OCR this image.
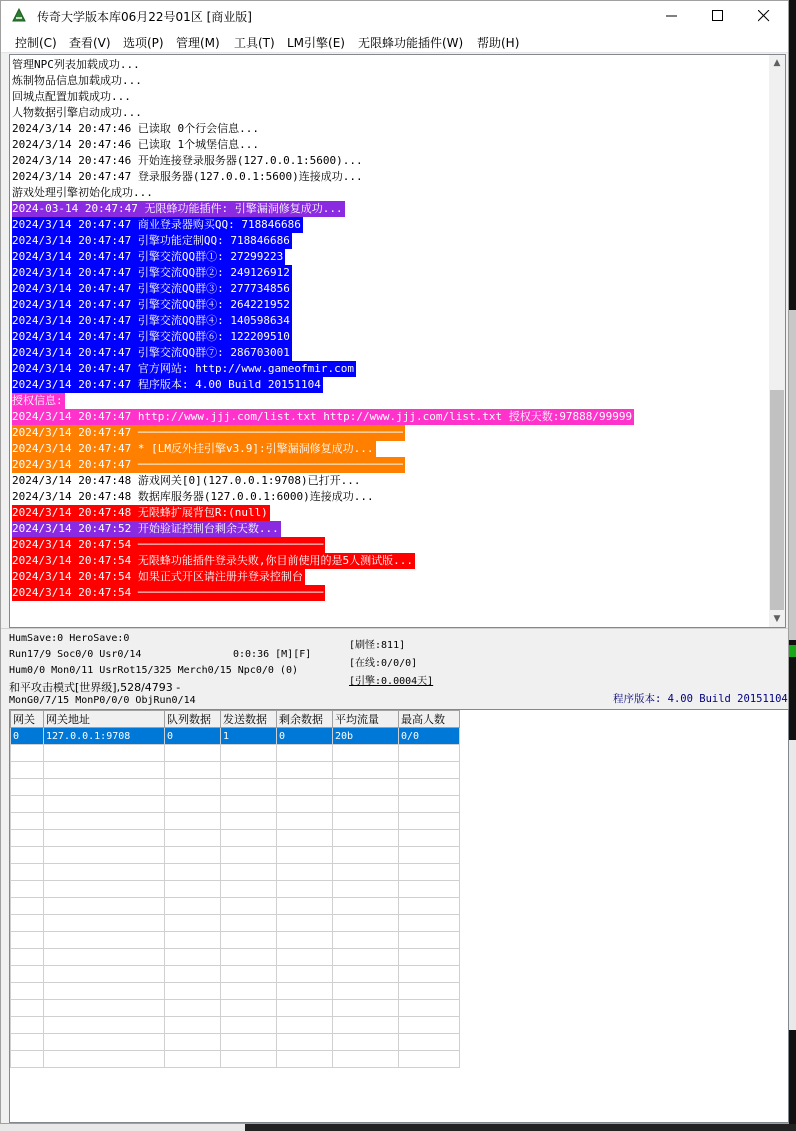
传奇大学版本库06月22号01区 [商业版]
控制(C) 查看(V) 选项(P) 管理(M) 工具(T) LM引擎(E) 无限蜂功能插件(W) 帮助(H)
管理NPC列表加载成功...
炼制物品信息加载成功...
回城点配置加载成功...
人物数据引擎启动成功...
2024/3/14 20:47:46 已读取 0个行会信息...
2024/3/14 20:47:46 已读取 1个城堡信息...
2024/3/14 20:47:46 开始连接登录服务器(127.0.0.1:5600)...
2024/3/14 20:47:47 登录服务器(127.0.0.1:5600)连接成功...
游戏处理引擎初始化成功...
2024-03-14 20:47:47 无限蜂功能插件: 引擎漏洞修复成功...
2024/3/14 20:47:47 商业登录器购买QQ: 718846686
2024/3/14 20:47:47 引擎功能定制QQ: 718846686
2024/3/14 20:47:47 引擎交流QQ群①: 27299223
2024/3/14 20:47:47 引擎交流QQ群②: 249126912
2024/3/14 20:47:47 引擎交流QQ群③: 277734856
2024/3/14 20:47:47 引擎交流QQ群④: 264221952
2024/3/14 20:47:47 引擎交流QQ群④: 140598634
2024/3/14 20:47:47 引擎交流QQ群⑥: 122209510
2024/3/14 20:47:47 引擎交流QQ群⑦: 286703001
2024/3/14 20:47:47 官方网站: http://www.gameofmir.com
2024/3/14 20:47:47 程序版本: 4.00 Build 20151104
授权信息:
2024/3/14 20:47:47 http://www.jjj.com/list.txt http://www.jjj.com/list.txt 授权天数:97888/99999
2024/3/14 20:47:47 ────────────────────────────────────────
2024/3/14 20:47:47 * [LM反外挂引擎v3.9]:引擎漏洞修复成功...
2024/3/14 20:47:47 ────────────────────────────────────────
2024/3/14 20:47:48 游戏网关[0](127.0.0.1:9708)已打开...
2024/3/14 20:47:48 数据库服务器(127.0.0.1:6000)连接成功...
2024/3/14 20:47:48 无限蜂扩展背包R:(null)
2024/3/14 20:47:52 开始验证控制台剩余天数...
2024/3/14 20:47:54 ────────────────────────────
2024/3/14 20:47:54 无限蜂功能插件登录失败,你目前使用的是5人测试版...
2024/3/14 20:47:54 如果正式开区请注册并登录控制台
2024/3/14 20:47:54 ────────────────────────────
▲
▼
HumSave:0 HeroSave:0
Run17/9 Soc0/0 Usr0/14	0:0:36 [M][F]
[刷怪:811]
[在线:0/0/0]
[引擎:0.0004天]
Hum0/0 Mon0/11 UsrRot15/325 Merch0/15 Npc0/0 (0)
和平攻击模式[世界级],528/4793 -
MonG0/7/15 MonP0/0/0 ObjRun0/14	程序版本: 4.00 Build 20151104
网关	网关地址	队列数据	发送数据	剩余数据	平均流量	最高人数
0	127.0.0.1:9708	0	1	0	20b	0/0
